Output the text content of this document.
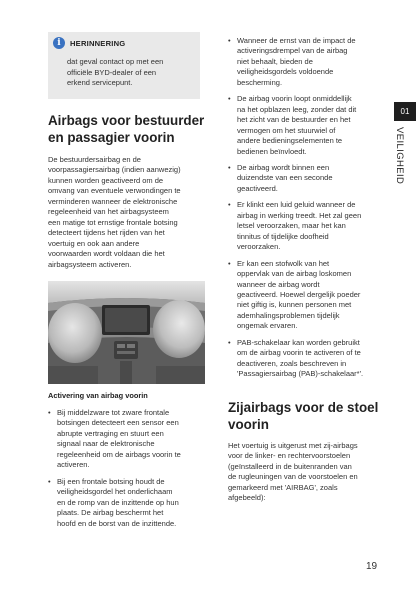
i	HERINNERING
dat geval contact op met een
officiële BYD-dealer of een
erkend servicepunt.
Airbags voor bestuurder
en passagier voorin
De bestuurdersairbag en de
voorpassagiersairbag (indien aanwezig)
kunnen worden geactiveerd om de
omvang van eventuele verwondingen te
verminderen wanneer de elektronische
regeleenheid van het airbagsysteem
een matige tot ernstige frontale botsing
detecteert tijdens het rijden van het
voertuig en ook aan andere
voorwaarden wordt voldaan die het
airbagsysteem activeren.
Activering van airbag voorin
• Bij middelzware tot zware frontale
botsingen detecteert een sensor een
abrupte vertraging en stuurt een
signaal naar de elektronische
regeleenheid om de airbags voorin te
activeren.
• Bij een frontale botsing houdt de
veiligheidsgordel het onderlichaam
en de romp van de inzittende op hun
plaats. De airbag beschermt het
hoofd en de borst van de inzittende.
• Wanneer de ernst van de impact de
activeringsdrempel van de airbag
niet behaalt, bieden de
veiligheidsgordels voldoende
bescherming.
• De airbag voorin loopt onmiddellijk
na het opblazen leeg, zonder dat dit
het zicht van de bestuurder en het
vermogen om het stuurwiel of
andere bedieningselementen te
bedienen beïnvloedt.
• De airbag wordt binnen een
duizendste van een seconde
geactiveerd.
• Er klinkt een luid geluid wanneer de
airbag in werking treedt. Het zal geen
letsel veroorzaken, maar het kan
tinnitus of tijdelijke doofheid
veroorzaken.
• Er kan een stofwolk van het
oppervlak van de airbag loskomen
wanneer de airbag wordt
geactiveerd. Hoewel dergelijk poeder
niet giftig is, kunnen personen met
ademhalingsproblemen tijdelijk
ongemak ervaren.
• PAB-schakelaar kan worden gebruikt
om de airbag voorin te activeren of te
deactiveren, zoals beschreven in
'Passagiersairbag (PAB)-schakelaar*'.
Zijairbags voor de stoel
voorin
Het voertuig is uitgerust met zij-airbags
voor de linker- en rechtervoorstoelen
(geïnstalleerd in de buitenranden van
de rugleuningen van de voorstoelen en
gemarkeerd met 'AIRBAG', zoals
afgebeeld):
01
VEILIGHEID
19
